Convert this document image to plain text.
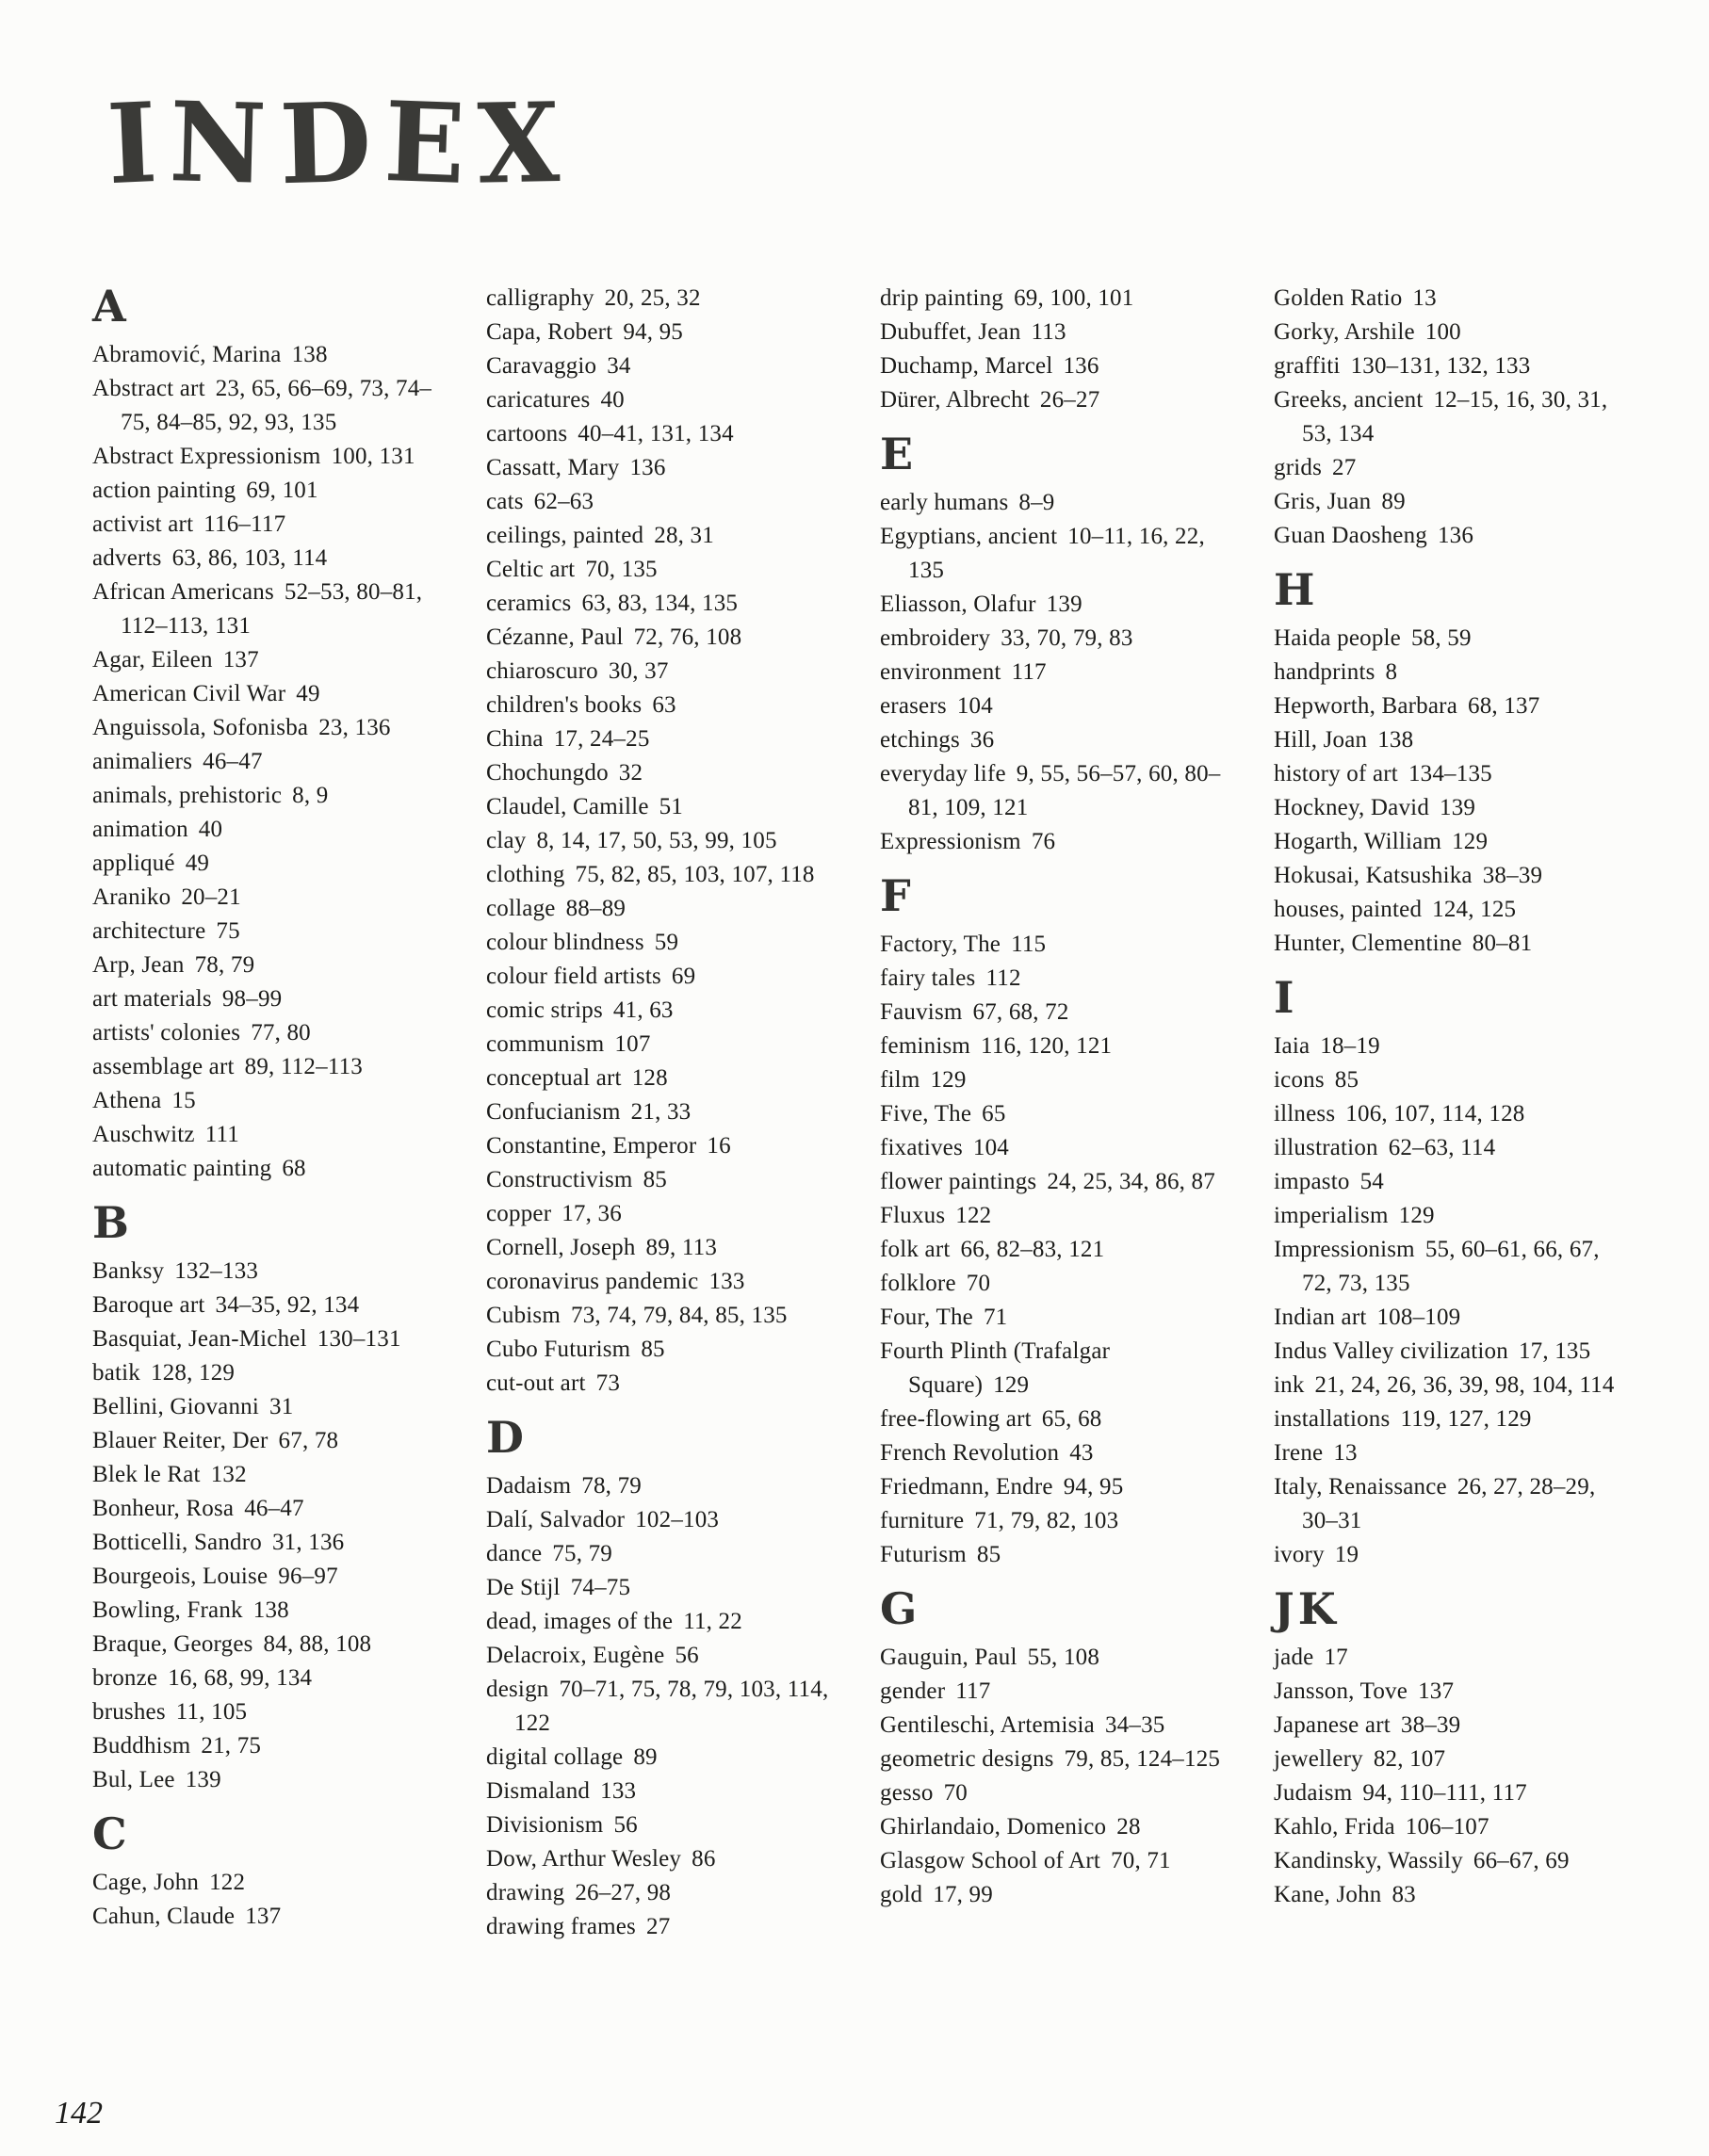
I
N
D
E
X
A
Abramović, Marina 138
Abstract art 23, 65, 66–69, 73, 74–75, 84–85, 92, 93, 135
Abstract Expressionism 100, 131
action painting 69, 101
activist art 116–117
adverts 63, 86, 103, 114
African Americans 52–53, 80–81, 112–113, 131
Agar, Eileen 137
American Civil War 49
Anguissola, Sofonisba 23, 136
animaliers 46–47
animals, prehistoric 8, 9
animation 40
appliqué 49
Araniko 20–21
architecture 75
Arp, Jean 78, 79
art materials 98–99
artists' colonies 77, 80
assemblage art 89, 112–113
Athena 15
Auschwitz 111
automatic painting 68
B
Banksy 132–133
Baroque art 34–35, 92, 134
Basquiat, Jean-Michel 130–131
batik 128, 129
Bellini, Giovanni 31
Blauer Reiter, Der 67, 78
Blek le Rat 132
Bonheur, Rosa 46–47
Botticelli, Sandro 31, 136
Bourgeois, Louise 96–97
Bowling, Frank 138
Braque, Georges 84, 88, 108
bronze 16, 68, 99, 134
brushes 11, 105
Buddhism 21, 75
Bul, Lee 139
C
Cage, John 122
Cahun, Claude 137
calligraphy 20, 25, 32
Capa, Robert 94, 95
Caravaggio 34
caricatures 40
cartoons 40–41, 131, 134
Cassatt, Mary 136
cats 62–63
ceilings, painted 28, 31
Celtic art 70, 135
ceramics 63, 83, 134, 135
Cézanne, Paul 72, 76, 108
chiaroscuro 30, 37
children's books 63
China 17, 24–25
Chochungdo 32
Claudel, Camille 51
clay 8, 14, 17, 50, 53, 99, 105
clothing 75, 82, 85, 103, 107, 118
collage 88–89
colour blindness 59
colour field artists 69
comic strips 41, 63
communism 107
conceptual art 128
Confucianism 21, 33
Constantine, Emperor 16
Constructivism 85
copper 17, 36
Cornell, Joseph 89, 113
coronavirus pandemic 133
Cubism 73, 74, 79, 84, 85, 135
Cubo Futurism 85
cut-out art 73
D
Dadaism 78, 79
Dalí, Salvador 102–103
dance 75, 79
De Stijl 74–75
dead, images of the 11, 22
Delacroix, Eugène 56
design 70–71, 75, 78, 79, 103, 114, 122
digital collage 89
Dismaland 133
Divisionism 56
Dow, Arthur Wesley 86
drawing 26–27, 98
drawing frames 27
drip painting 69, 100, 101
Dubuffet, Jean 113
Duchamp, Marcel 136
Dürer, Albrecht 26–27
E
early humans 8–9
Egyptians, ancient 10–11, 16, 22, 135
Eliasson, Olafur 139
embroidery 33, 70, 79, 83
environment 117
erasers 104
etchings 36
everyday life 9, 55, 56–57, 60, 80–81, 109, 121
Expressionism 76
F
Factory, The 115
fairy tales 112
Fauvism 67, 68, 72
feminism 116, 120, 121
film 129
Five, The 65
fixatives 104
flower paintings 24, 25, 34, 86, 87
Fluxus 122
folk art 66, 82–83, 121
folklore 70
Four, The 71
Fourth Plinth (Trafalgar Square) 129
free-flowing art 65, 68
French Revolution 43
Friedmann, Endre 94, 95
furniture 71, 79, 82, 103
Futurism 85
G
Gauguin, Paul 55, 108
gender 117
Gentileschi, Artemisia 34–35
geometric designs 79, 85, 124–125
gesso 70
Ghirlandaio, Domenico 28
Glasgow School of Art 70, 71
gold 17, 99
Golden Ratio 13
Gorky, Arshile 100
graffiti 130–131, 132, 133
Greeks, ancient 12–15, 16, 30, 31, 53, 134
grids 27
Gris, Juan 89
Guan Daosheng 136
H
Haida people 58, 59
handprints 8
Hepworth, Barbara 68, 137
Hill, Joan 138
history of art 134–135
Hockney, David 139
Hogarth, William 129
Hokusai, Katsushika 38–39
houses, painted 124, 125
Hunter, Clementine 80–81
I
Iaia 18–19
icons 85
illness 106, 107, 114, 128
illustration 62–63, 114
impasto 54
imperialism 129
Impressionism 55, 60–61, 66, 67, 72, 73, 135
Indian art 108–109
Indus Valley civilization 17, 135
ink 21, 24, 26, 36, 39, 98, 104, 114
installations 119, 127, 129
Irene 13
Italy, Renaissance 26, 27, 28–29, 30–31
ivory 19
JK
jade 17
Jansson, Tove 137
Japanese art 38–39
jewellery 82, 107
Judaism 94, 110–111, 117
Kahlo, Frida 106–107
Kandinsky, Wassily 66–67, 69
Kane, John 83
142
